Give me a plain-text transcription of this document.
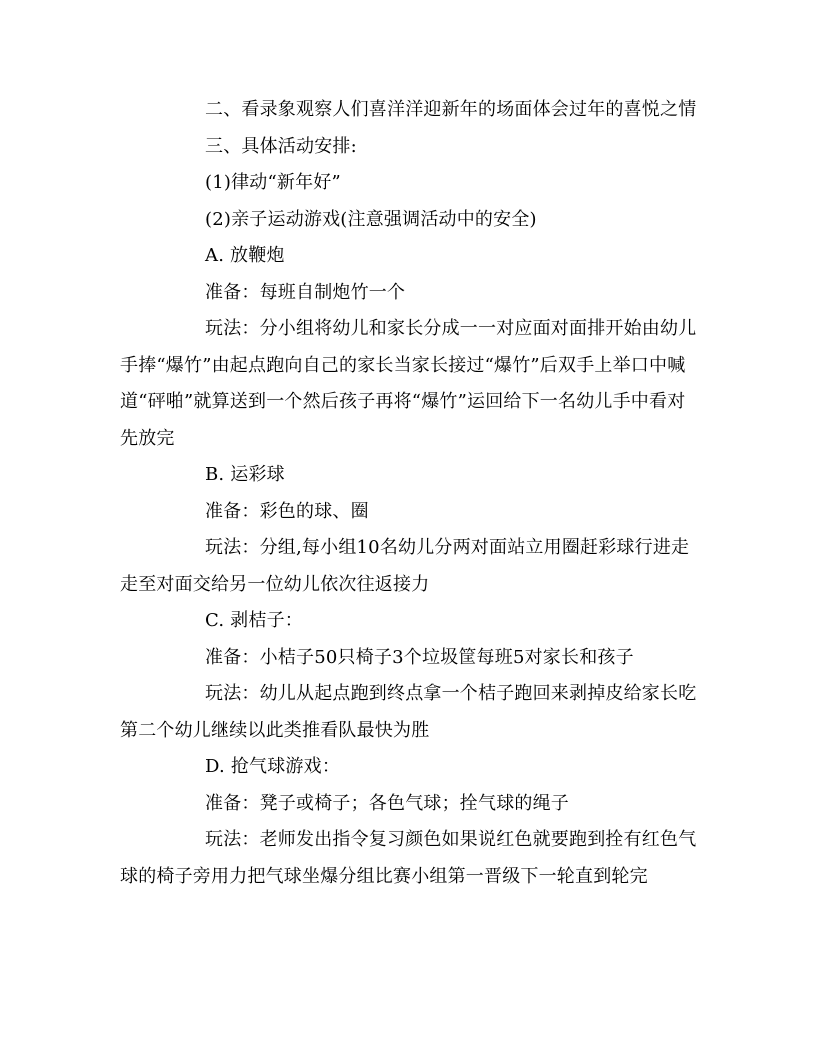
二、看录象观察人们喜洋洋迎新年的场面体会过年的喜悦之情

三、具体活动安排:

(1)律动“新年好”

(2)亲子运动游戏(注意强调活动中的安全)

A. 放鞭炮

准备：每班自制炮竹一个

玩法：分小组将幼儿和家长分成一一对应面对面排开始由幼儿手捧“爆竹”由起点跑向自己的家长当家长接过“爆竹”后双手上举口中喊道“砰啪”就算送到一个然后孩子再将“爆竹”运回给下一名幼儿手中看对先放完

B. 运彩球

准备：彩色的球、圈

玩法：分组,每小组10名幼儿分两对面站立用圈赶彩球行进走走至对面交给另一位幼儿依次往返接力

C. 剥桔子：

准备：小桔子50只椅子3个垃圾筐每班5对家长和孩子

玩法：幼儿从起点跑到终点拿一个桔子跑回来剥掉皮给家长吃第二个幼儿继续以此类推看队最快为胜

D. 抢气球游戏：

准备：凳子或椅子；各色气球；拴气球的绳子

玩法：老师发出指令复习颜色如果说红色就要跑到拴有红色气球的椅子旁用力把气球坐爆分组比赛小组第一晋级下一轮直到轮完
